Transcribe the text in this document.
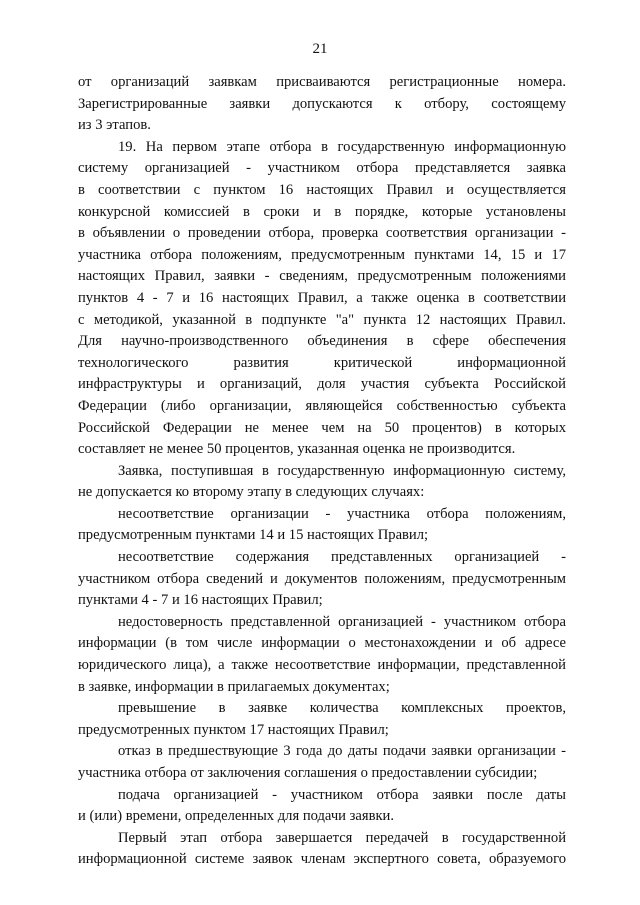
21
от организаций заявкам присваиваются регистрационные номера.
Зарегистрированные заявки допускаются к отбору, состоящему
из 3 этапов.
19. На первом этапе отбора в государственную информационную
систему организацией - участником отбора представляется заявка
в соответствии с пунктом 16 настоящих Правил и осуществляется
конкурсной комиссией в сроки и в порядке, которые установлены
в объявлении о проведении отбора, проверка соответствия организации -
участника отбора положениям, предусмотренным пунктами 14, 15 и 17
настоящих Правил, заявки - сведениям, предусмотренным положениями
пунктов 4 - 7 и 16 настоящих Правил, а также оценка в соответствии
с методикой, указанной в подпункте "а" пункта 12 настоящих Правил.
Для научно-производственного объединения в сфере обеспечения
технологического развития критической информационной
инфраструктуры и организаций, доля участия субъекта Российской
Федерации (либо организации, являющейся собственностью субъекта
Российской Федерации не менее чем на 50 процентов) в которых
составляет не менее 50 процентов, указанная оценка не производится.
Заявка, поступившая в государственную информационную систему,
не допускается ко второму этапу в следующих случаях:
несоответствие организации - участника отбора положениям,
предусмотренным пунктами 14 и 15 настоящих Правил;
несоответствие содержания представленных организацией -
участником отбора сведений и документов положениям, предусмотренным
пунктами 4 - 7 и 16 настоящих Правил;
недостоверность представленной организацией - участником отбора
информации (в том числе информации о местонахождении и об адресе
юридического лица), а также несоответствие информации, представленной
в заявке, информации в прилагаемых документах;
превышение в заявке количества комплексных проектов,
предусмотренных пунктом 17 настоящих Правил;
отказ в предшествующие 3 года до даты подачи заявки организации -
участника отбора от заключения соглашения о предоставлении субсидии;
подача организацией - участником отбора заявки после даты
и (или) времени, определенных для подачи заявки.
Первый этап отбора завершается передачей в государственной
информационной системе заявок членам экспертного совета, образуемого
